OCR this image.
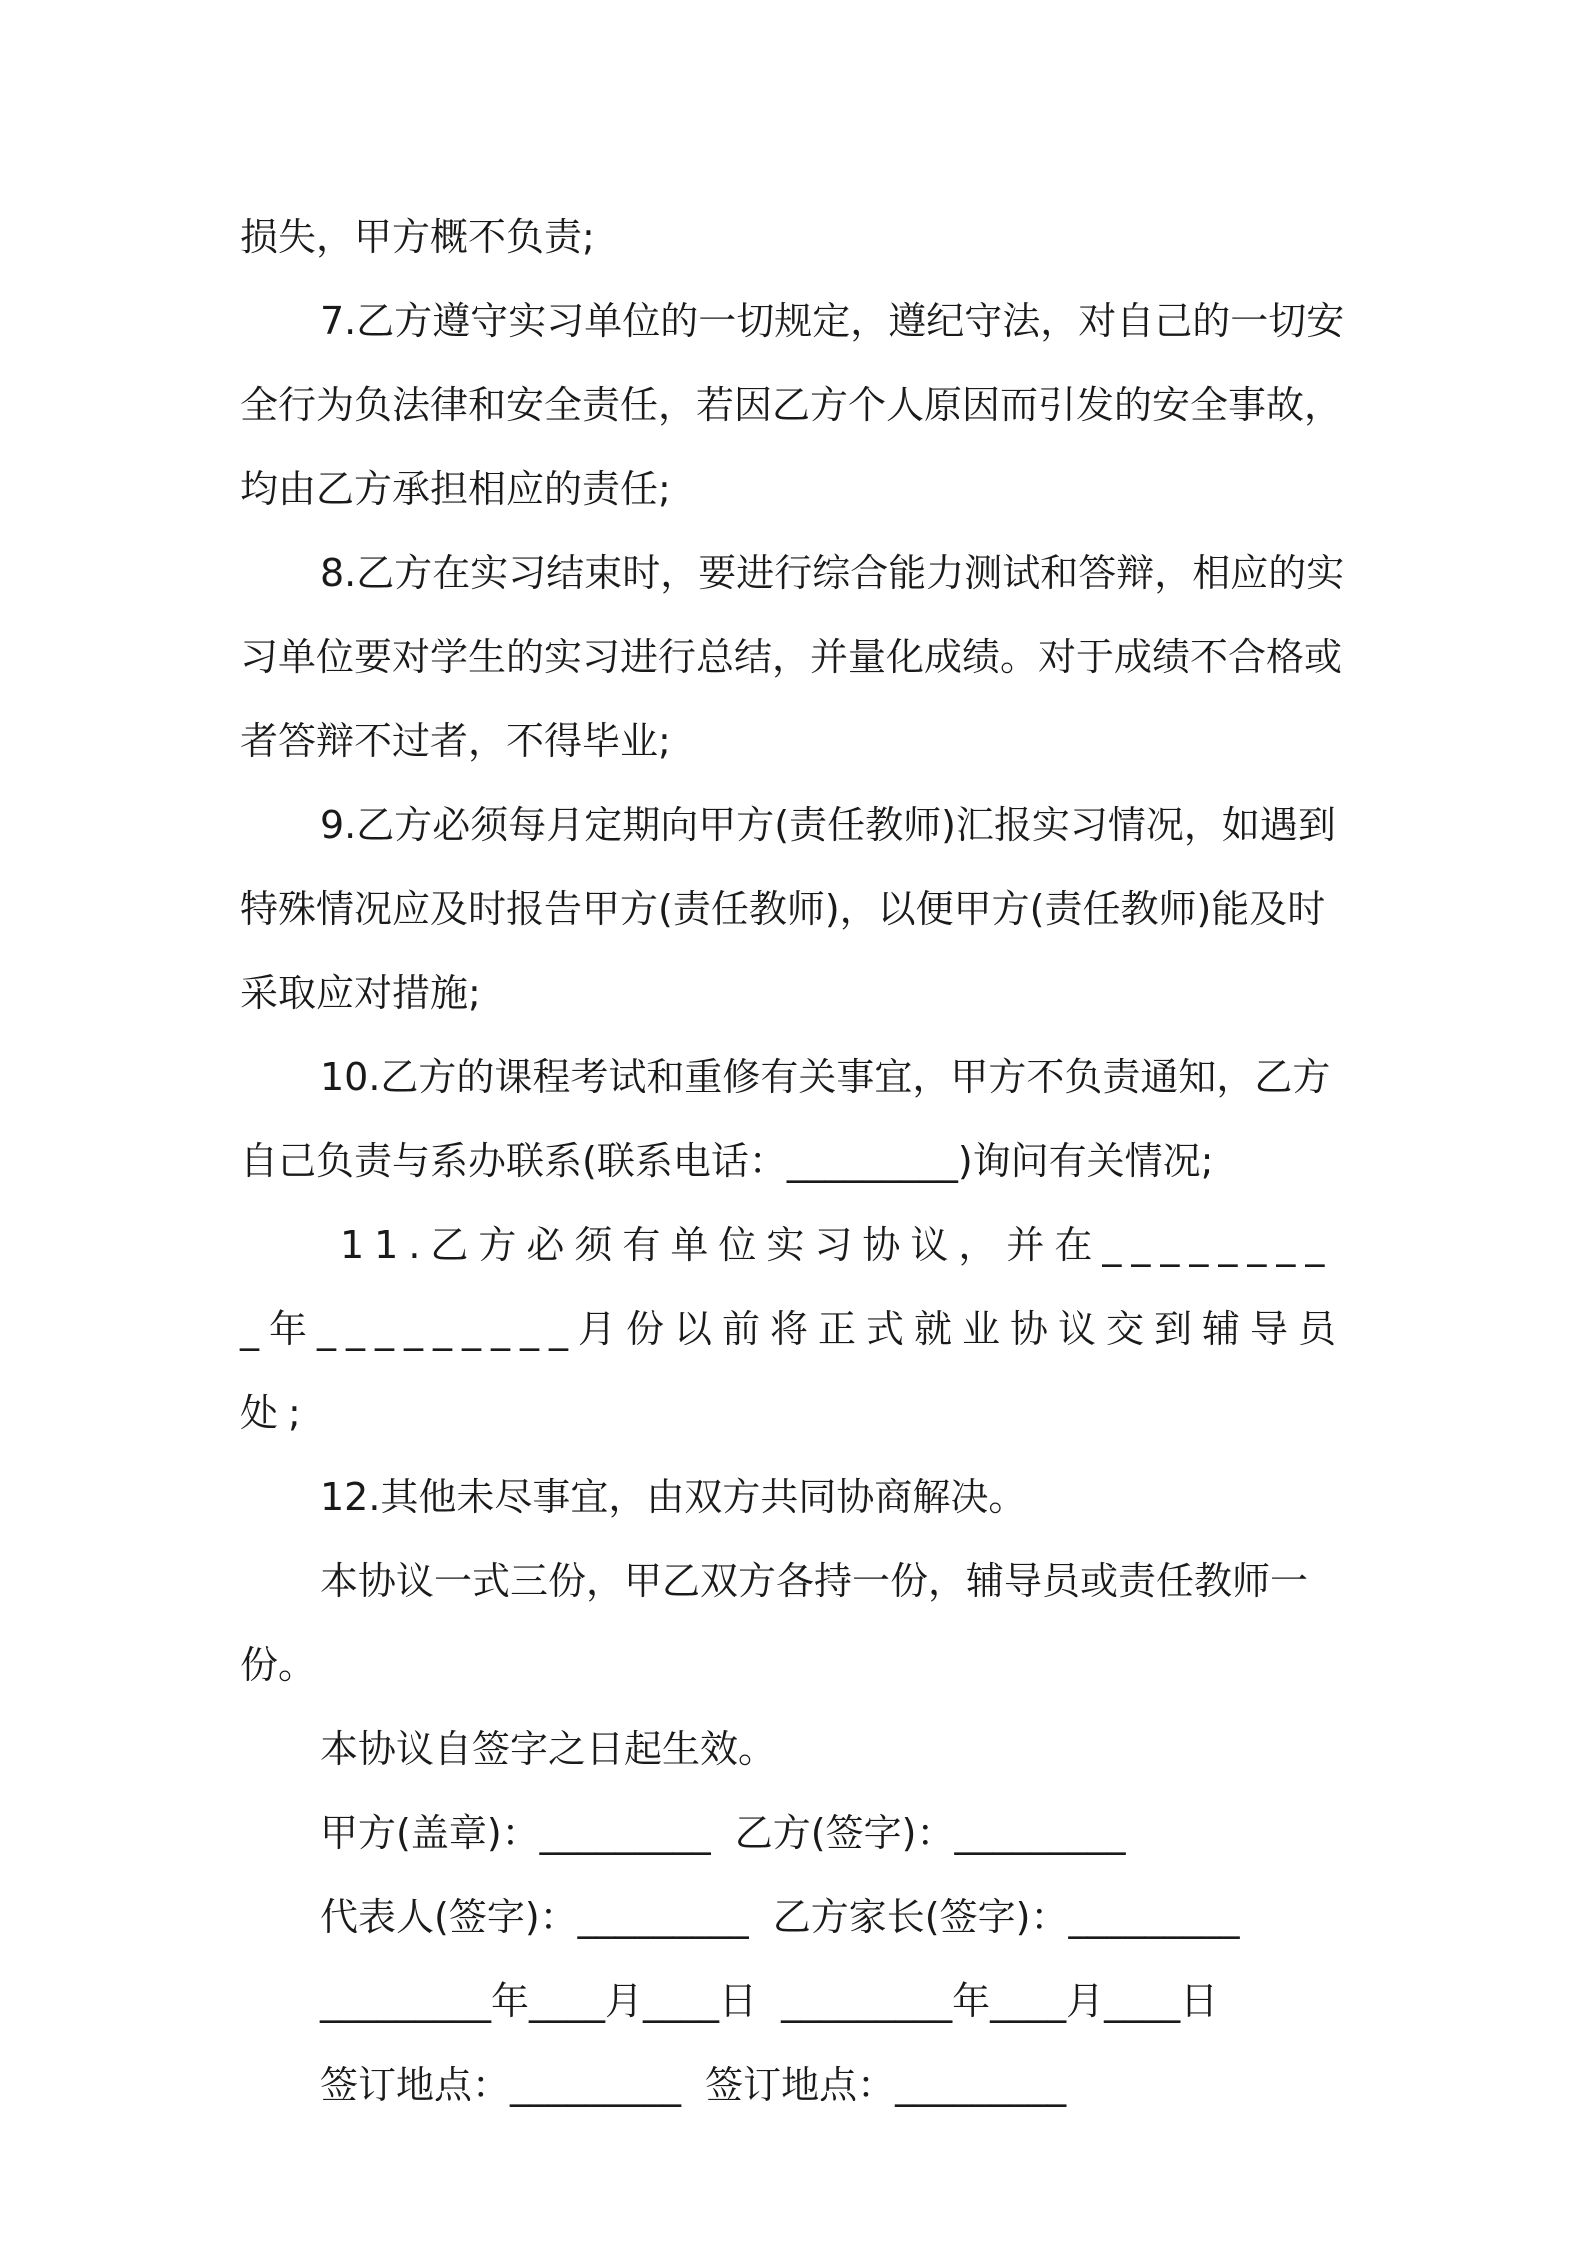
损失，甲方概不负责;

7.乙方遵守实习单位的一切规定，遵纪守法，对自己的一切安全行为负法律和安全责任，若因乙方个人原因而引发的安全事故，均由乙方承担相应的责任;

8.乙方在实习结束时，要进行综合能力测试和答辩，相应的实习单位要对学生的实习进行总结，并量化成绩。对于成绩不合格或者答辩不过者，不得毕业;

9.乙方必须每月定期向甲方(责任教师)汇报实习情况，如遇到特殊情况应及时报告甲方(责任教师)，以便甲方(责任教师)能及时采取应对措施;

10.乙方的课程考试和重修有关事宜，甲方不负责通知，乙方自己负责与系办联系(联系电话：_________)询问有关情况;

11.乙方必须有单位实习协议，并在_________年_________月份以前将正式就业协议交到辅导员处;

12.其他未尽事宜，由双方共同协商解决。

本协议一式三份，甲乙双方各持一份，辅导员或责任教师一份。

本协议自签字之日起生效。

甲方(盖章)：_________  乙方(签字)：_________

代表人(签字)：_________  乙方家长(签字)：_________

_________年____月____日  _________年____月____日

签订地点：_________  签订地点：_________
